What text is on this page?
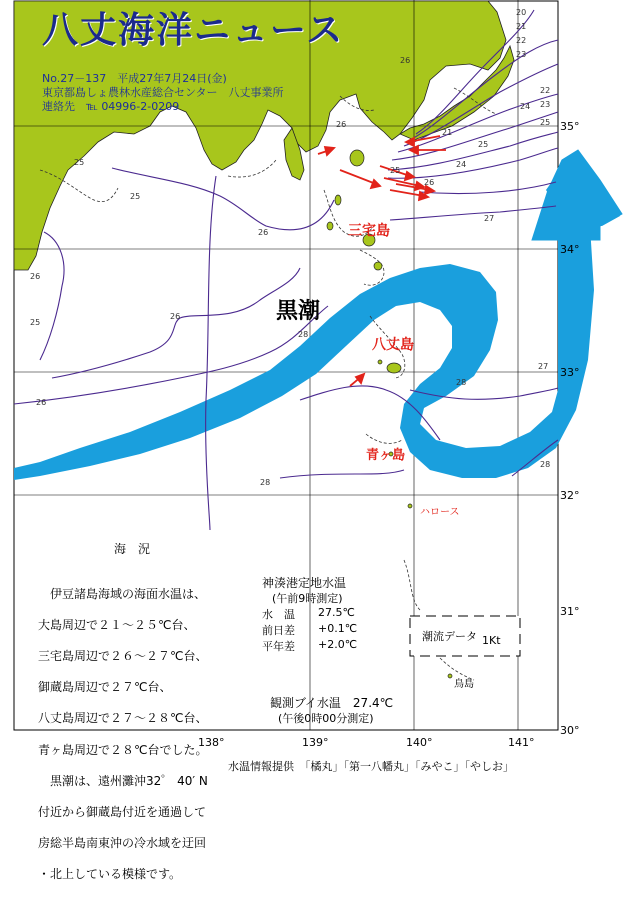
八丈海洋ニュース
No.27－137　平成27年7月24日(金)
東京都島しょ農林水産総合センター　八丈事業所
連絡先　℡ 04996-2-0209
黒潮
三宅島
八丈島
青ヶ島
ハロース
鳥島
25
25
25
26
26
26
27
28
28
28
27
28
20
21
22
23
24
25
26
21
22
23
24
25
26
25
26
26
35°
34°
33°
32°
31°
30°
138°	139°	140°	141°
海　況

　伊豆諸島海域の海面水温は、

大島周辺で２１～２５℃台、

三宅島周辺で２６～２７℃台、

御蔵島周辺で２７℃台、

八丈島周辺で２７～２８℃台、

青ヶ島周辺で２８℃台でした。

　黒潮は、遠州灘沖32゜ 40′ N

付近から御蔵島付近を通過して

房総半島南東沖の冷水域を迂回

・北上している模様です。

神湊港定地水温
(午前9時測定)
水　温 27.5℃
前日差 +0.1℃
平年差 +2.0℃
観測ブイ水温　27.4℃
(午後0時00分測定)
潮流データ 1Kt
水温情報提供　「橘丸」「第一八幡丸」「みやこ」「やしお」
